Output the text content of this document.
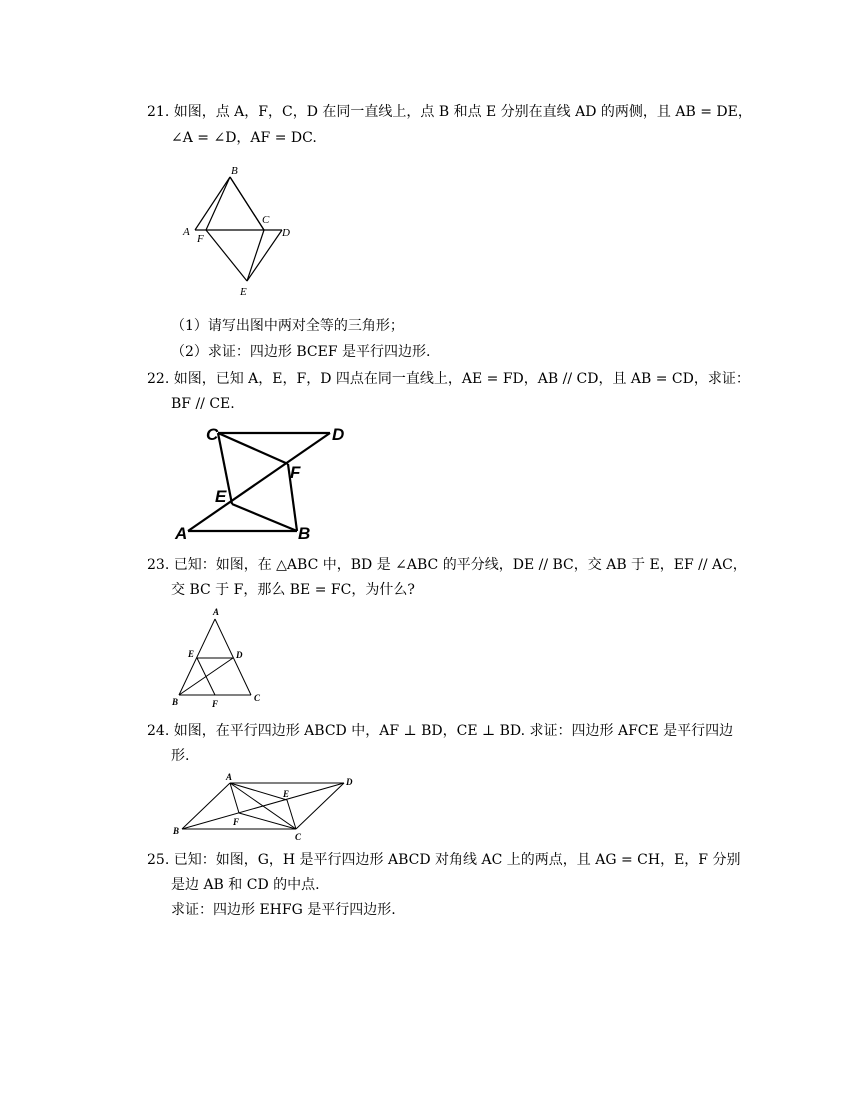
21. 如图，点 A，F，C，D 在同一直线上，点 B 和点 E 分别在直线 AD 的两侧，且 AB = DE，
∠A = ∠D，AF = DC.
B
A
F
C
D
E
（1）请写出图中两对全等的三角形；
（2）求证：四边形 BCEF 是平行四边形.
22. 如图，已知 A，E，F，D 四点在同一直线上，AE = FD，AB // CD，且 AB = CD，求证：
BF // CE.
C	D
F
E
A	B
23. 已知：如图，在 △ABC 中，BD 是 ∠ABC 的平分线，DE // BC，交 AB 于 E，EF // AC，
交 BC 于 F，那么 BE = FC，为什么?
A
E	D
B	F
C
24. 如图，在平行四边形 ABCD 中，AF ⊥ BD，CE ⊥ BD. 求证：四边形 AFCE 是平行四边
形.
A	D
E
F
B
C
25. 已知：如图，G，H 是平行四边形 ABCD 对角线 AC 上的两点，且 AG = CH，E，F 分别
是边 AB 和 CD 的中点.
求证：四边形 EHFG 是平行四边形.
